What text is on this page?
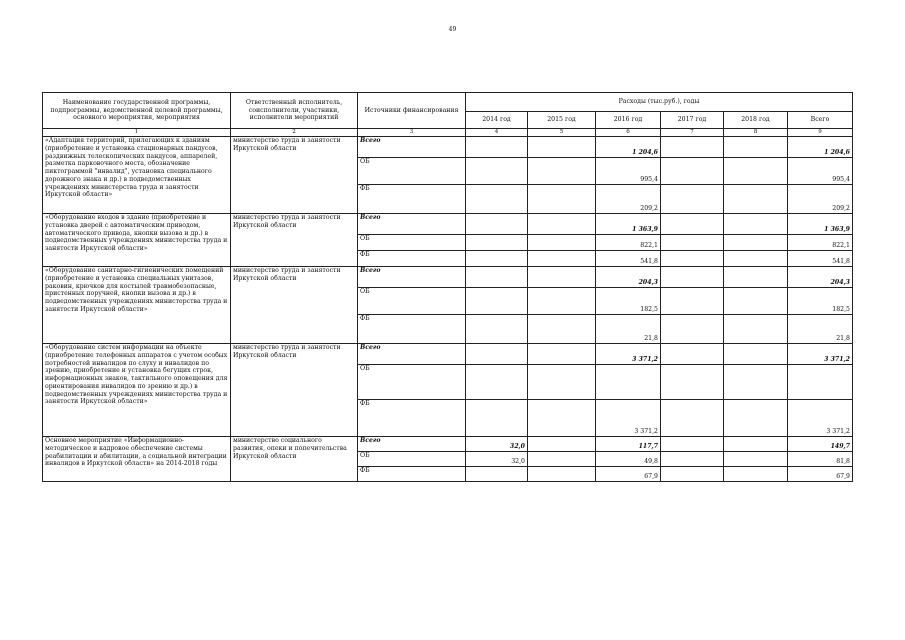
49
Наименование государственной программы, подпрограммы, ведомственной целевой программы, основного мероприятия, мероприятия	Ответственный исполнитель, соисполнители, участники, исполнители мероприятий	Источники финансирования	Расходы (тыс.руб.), годы					
			2014 год	2015 год	2016 год	2017 год	2018 год	Всего
1	2	3	4	5	6	7	8	9
«Адаптация территорий, прилегающих к зданиям (приобретение и установка стационарных пандусов, раздвижных телескопических пандусов, аппарелей, разметка парковочного места, обозначение пиктограммой "инвалид", установка специального дорожного знака и др.) в подведомственных учреждениях министерства труда и занятости Иркутской области»	министерство труда и занятости Иркутской области	Всего			1 204,6			1 204,6
		ОБ			995,4			995,4
		ФБ			209,2			209,2
«Оборудование входов в здание (приобретение и установка дверей с автоматическим приводом, автоматического привода, кнопки вызова и др.) в подведомственных учреждениях министерства труда и занятости Иркутской области»	министерство труда и занятости Иркутской области	Всего			1 363,9			1 363,9
		ОБ			822,1			822,1
		ФБ			541,8			541,8
«Оборудование санитарно-гигиенических помещений (приобретение и установка специальных унитазов, раковин, крючков для костылей травмобезопасные, пристенных поручней, кнопки вызова и др.) в подведомственных учреждениях министерства труда и занятости Иркутской области»	министерство труда и занятости Иркутской области	Всего			204,3			204,3
		ОБ			182,5			182,5
		ФБ			21,8			21,8
«Оборудование систем информации на объекте (приобретение телефонных аппаратов с учетом особых потребностей инвалидов по слуху и инвалидов по зрению, приобретение и установка бегущих строк, информационных знаков, тактильного оповещения для ориентирования инвалидов по зрению и др.) в подведомственных учреждениях министерства труда и занятости Иркутской области»	министерство труда и занятости Иркутской области	Всего			3 371,2			3 371,2
		ОБ						
		ФБ			3 371,2			3 371,2
Основное мероприятие «Информационно-методическое и кадровое обеспечение системы реабилитации и абилитации, а социальной интеграции инвалидов в Иркутской области» на 2014-2018 годы	министерство социального развития, опеки и попечительства Иркутской области	Всего	32,0		117,7			149,7
		ОБ	32,0		49,8			81,8
		ФБ			67,9			67,9
